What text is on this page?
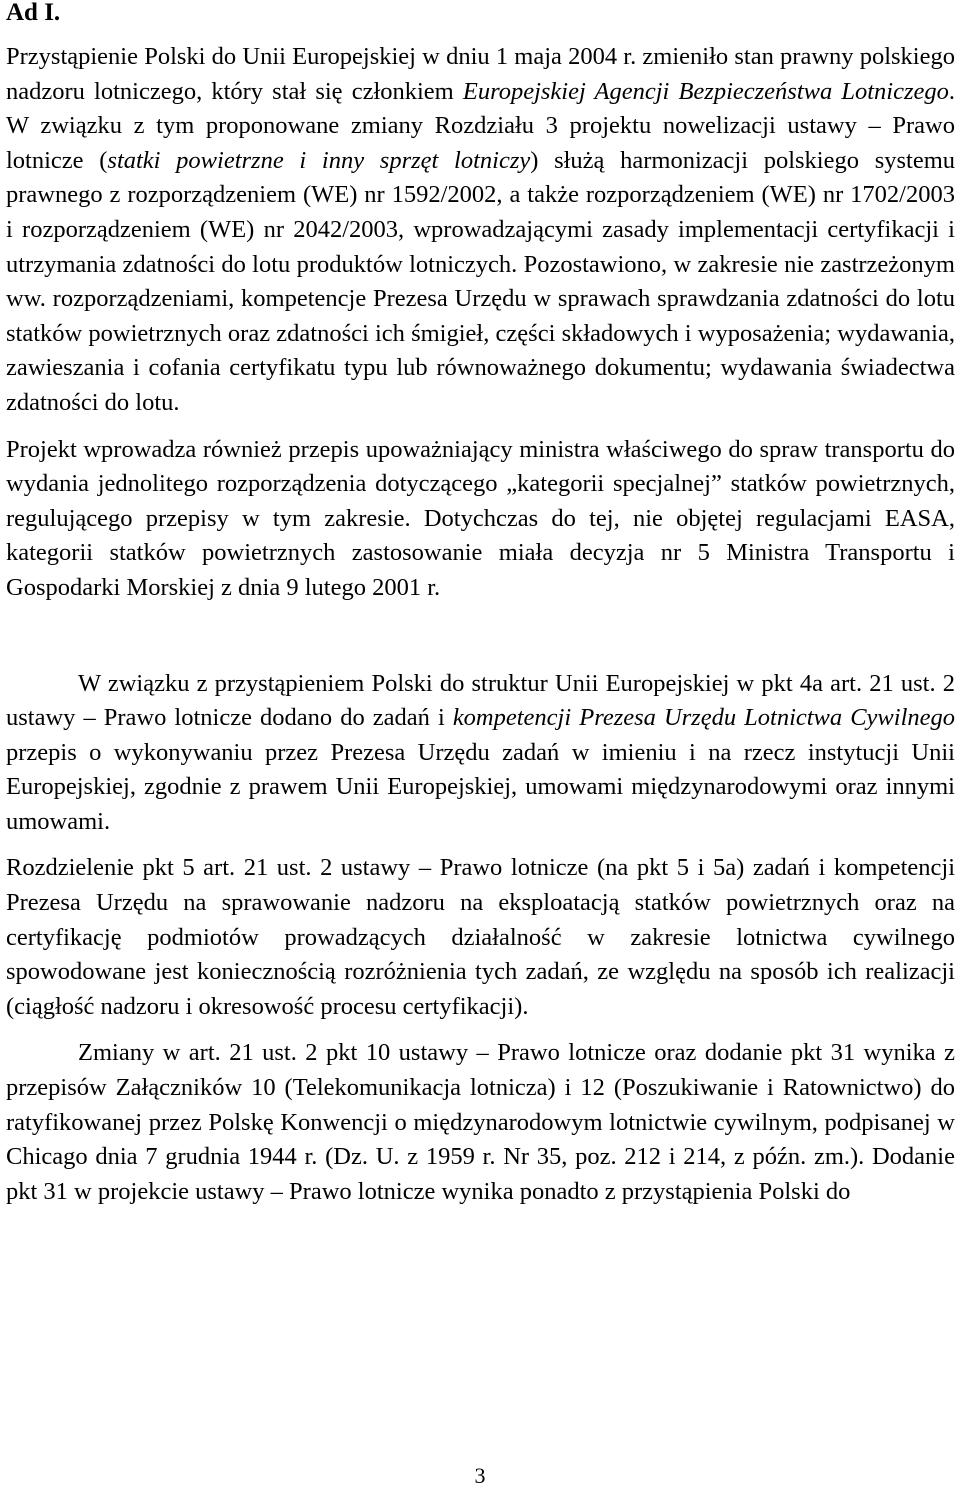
Ad I.

Przystąpienie Polski do Unii Europejskiej w dniu 1 maja 2004 r. zmieniło stan prawny polskiego nadzoru lotniczego, który stał się członkiem Europejskiej Agencji Bezpieczeństwa Lotniczego. W związku z tym proponowane zmiany Rozdziału 3 projektu nowelizacji ustawy – Prawo lotnicze (statki powietrzne i inny sprzęt lotniczy) służą harmonizacji polskiego systemu prawnego z rozporządzeniem (WE) nr 1592/2002, a także rozporządzeniem (WE) nr 1702/2003 i rozporządzeniem (WE) nr 2042/2003, wprowadzającymi zasady implementacji certyfikacji i utrzymania zdatności do lotu produktów lotniczych. Pozostawiono, w zakresie nie zastrzeżonym ww. rozporządzeniami, kompetencje Prezesa Urzędu w sprawach sprawdzania zdatności do lotu statków powietrznych oraz zdatności ich śmigieł, części składowych i wyposażenia; wydawania, zawieszania i cofania certyfikatu typu lub równoważnego dokumentu; wydawania świadectwa zdatności do lotu.

Projekt wprowadza również przepis upoważniający ministra właściwego do spraw transportu do wydania jednolitego rozporządzenia dotyczącego „kategorii specjalnej” statków powietrznych, regulującego przepisy w tym zakresie. Dotychczas do tej, nie objętej regulacjami EASA, kategorii statków powietrznych zastosowanie miała decyzja nr 5 Ministra Transportu i Gospodarki Morskiej z dnia 9 lutego 2001 r.

W związku z przystąpieniem Polski do struktur Unii Europejskiej w pkt 4a art. 21 ust. 2 ustawy – Prawo lotnicze dodano do zadań i kompetencji Prezesa Urzędu Lotnictwa Cywilnego przepis o wykonywaniu przez Prezesa Urzędu zadań w imieniu i na rzecz instytucji Unii Europejskiej, zgodnie z prawem Unii Europejskiej, umowami międzynarodowymi oraz innymi umowami.

Rozdzielenie pkt 5 art. 21 ust. 2 ustawy – Prawo lotnicze (na pkt 5 i 5a) zadań i kompetencji Prezesa Urzędu na sprawowanie nadzoru na eksploatacją statków powietrznych oraz na certyfikację podmiotów prowadzących działalność w zakresie lotnictwa cywilnego spowodowane jest koniecznością rozróżnienia tych zadań, ze względu na sposób ich realizacji (ciągłość nadzoru i okresowość procesu certyfikacji).

Zmiany w art. 21 ust. 2 pkt 10 ustawy – Prawo lotnicze oraz dodanie pkt 31 wynika z przepisów Załączników 10 (Telekomunikacja lotnicza) i 12 (Poszukiwanie i Ratownictwo) do ratyfikowanej przez Polskę Konwencji o międzynarodowym lotnictwie cywilnym, podpisanej w Chicago dnia 7 grudnia 1944 r. (Dz. U. z 1959 r. Nr 35, poz. 212 i 214, z późn. zm.). Dodanie pkt 31 w projekcie ustawy – Prawo lotnicze wynika ponadto z przystąpienia Polski do

3
